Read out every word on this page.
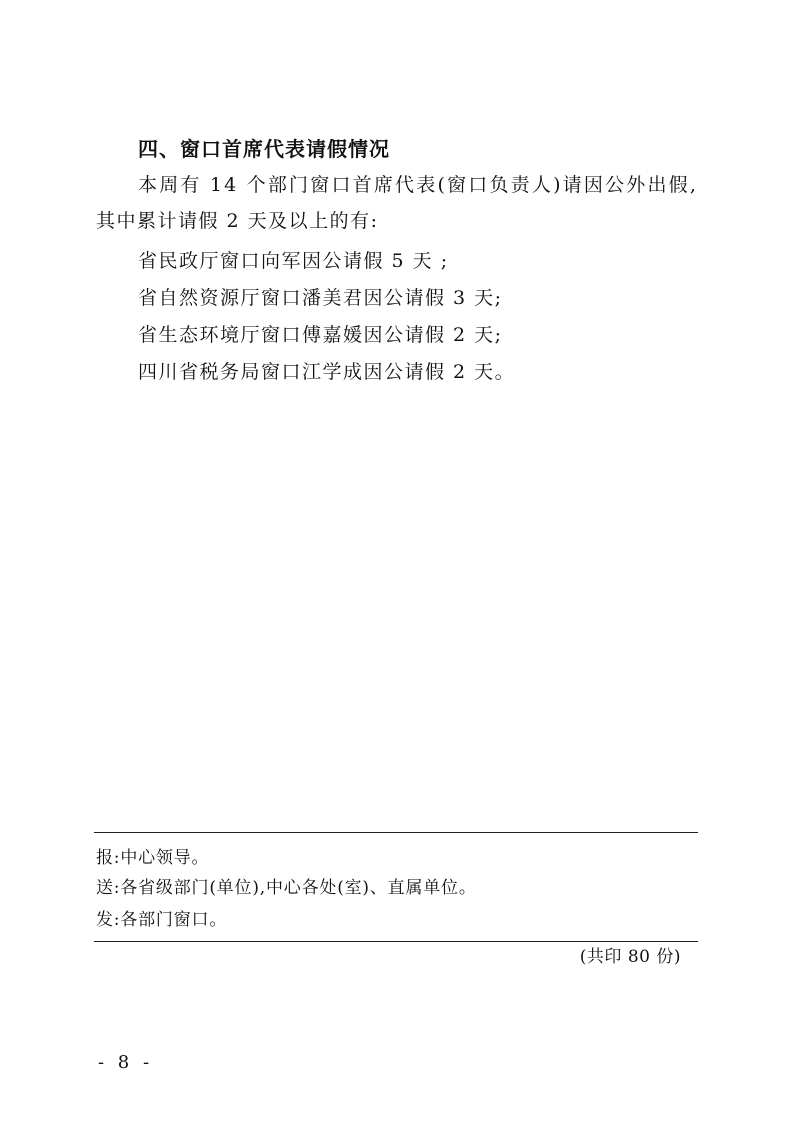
四、窗口首席代表请假情况
本周有 14 个部门窗口首席代表(窗口负责人)请因公外出假,
其中累计请假 2 天及以上的有:
省民政厅窗口向军因公请假 5 天 ;
省自然资源厅窗口潘美君因公请假 3 天;
省生态环境厅窗口傅嘉媛因公请假 2 天;
四川省税务局窗口江学成因公请假 2 天。
报:中心领导。
送:各省级部门(单位),中心各处(室)、直属单位。
发:各部门窗口。
(共印 80 份)
- 8 -
